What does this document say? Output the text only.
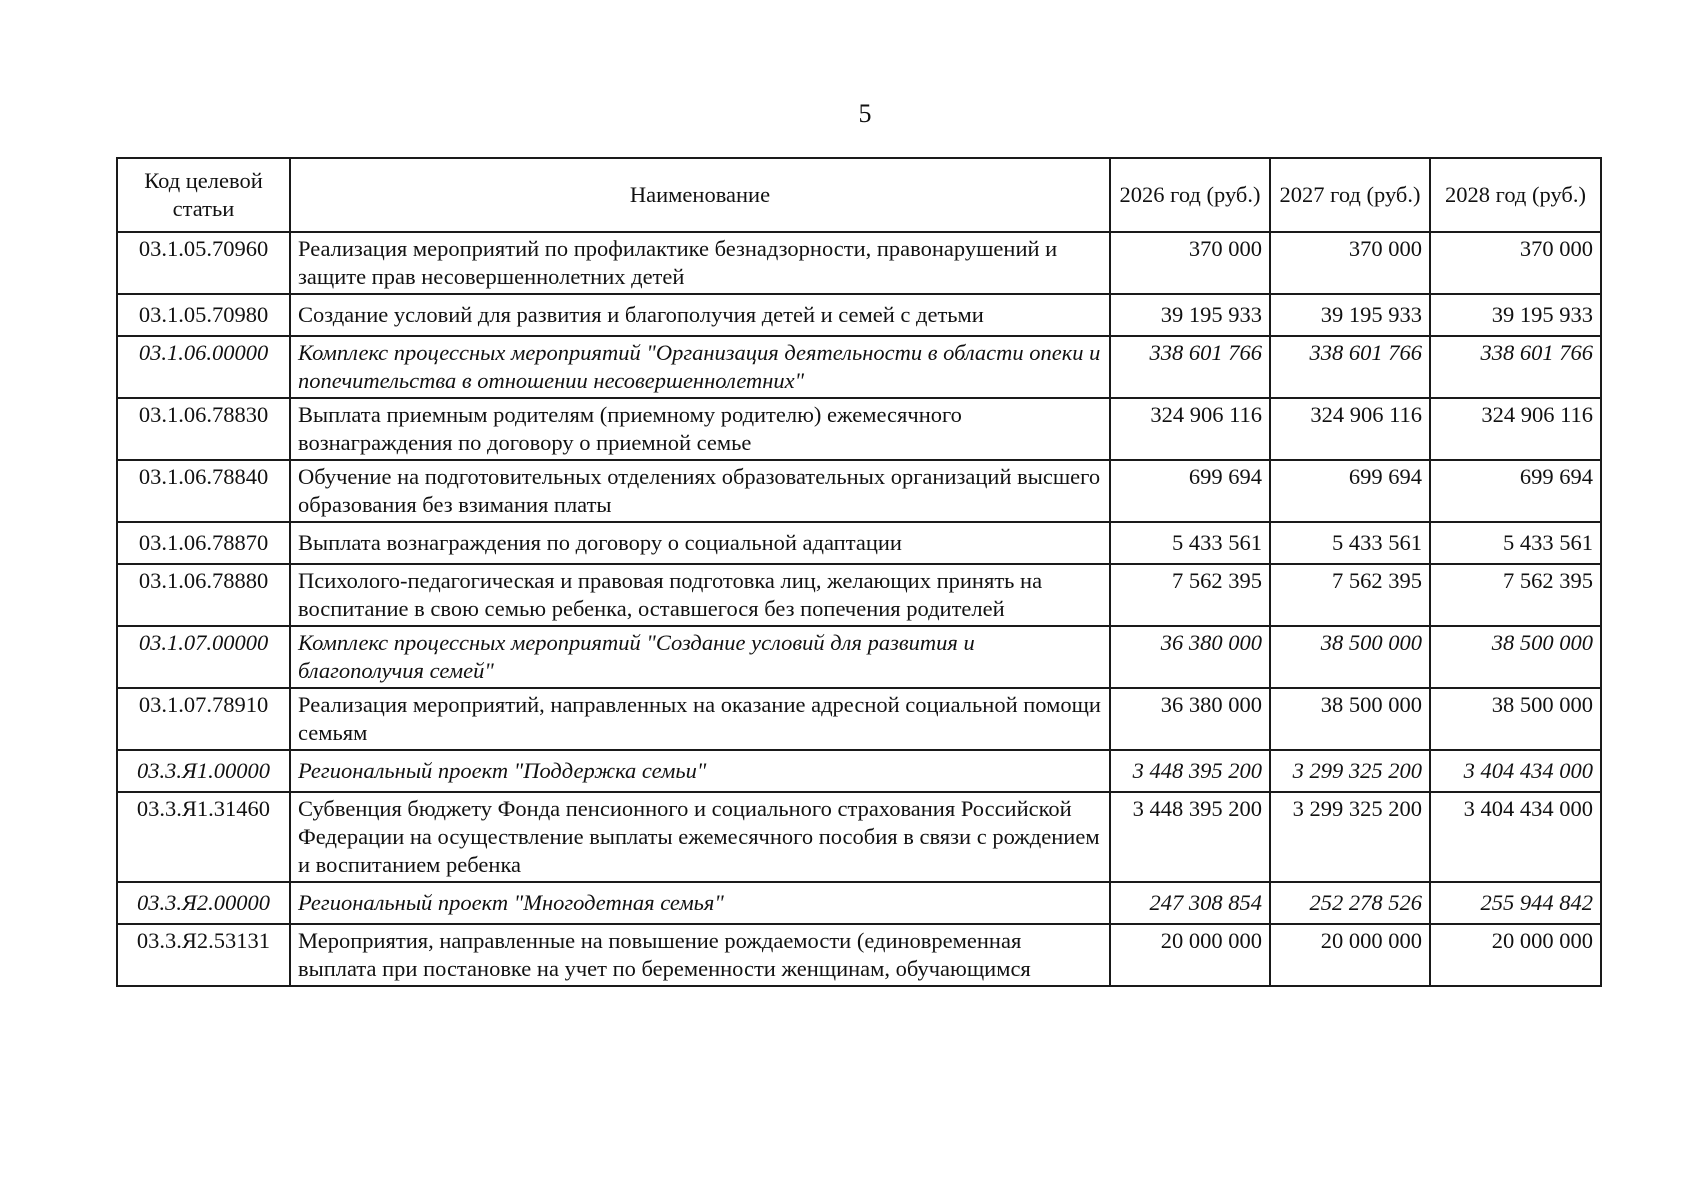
5
Код целевой статьи	Наименование	2026 год (руб.)	2027 год (руб.)	2028 год (руб.)
03.1.05.70960	Реализация мероприятий по профилактике безнадзорности, правонарушений и защите прав несовершеннолетних детей	370 000	370 000	370 000
03.1.05.70980	Создание условий для развития и благополучия детей и семей с детьми	39 195 933	39 195 933	39 195 933
03.1.06.00000	Комплекс процессных мероприятий "Организация деятельности в области опеки и попечительства в отношении несовершеннолетних"	338 601 766	338 601 766	338 601 766
03.1.06.78830	Выплата приемным родителям (приемному родителю) ежемесячного вознаграждения по договору о приемной семье	324 906 116	324 906 116	324 906 116
03.1.06.78840	Обучение на подготовительных отделениях образовательных организаций высшего образования без взимания платы	699 694	699 694	699 694
03.1.06.78870	Выплата вознаграждения по договору о социальной адаптации	5 433 561	5 433 561	5 433 561
03.1.06.78880	Психолого-педагогическая и правовая подготовка лиц, желающих принять на воспитание в свою семью ребенка, оставшегося без попечения родителей	7 562 395	7 562 395	7 562 395
03.1.07.00000	Комплекс процессных мероприятий "Создание условий для развития и благополучия семей"	36 380 000	38 500 000	38 500 000
03.1.07.78910	Реализация мероприятий, направленных на оказание адресной социальной помощи семьям	36 380 000	38 500 000	38 500 000
03.3.Я1.00000	Региональный проект "Поддержка семьи"	3 448 395 200	3 299 325 200	3 404 434 000
03.3.Я1.31460	Субвенция бюджету Фонда пенсионного и социального страхования Российской Федерации на осуществление выплаты ежемесячного пособия в связи с рождением и воспитанием ребенка	3 448 395 200	3 299 325 200	3 404 434 000
03.3.Я2.00000	Региональный проект "Многодетная семья"	247 308 854	252 278 526	255 944 842
03.3.Я2.53131	Мероприятия, направленные на повышение рождаемости (единовременная выплата при постановке на учет по беременности женщинам, обучающимся	20 000 000	20 000 000	20 000 000
